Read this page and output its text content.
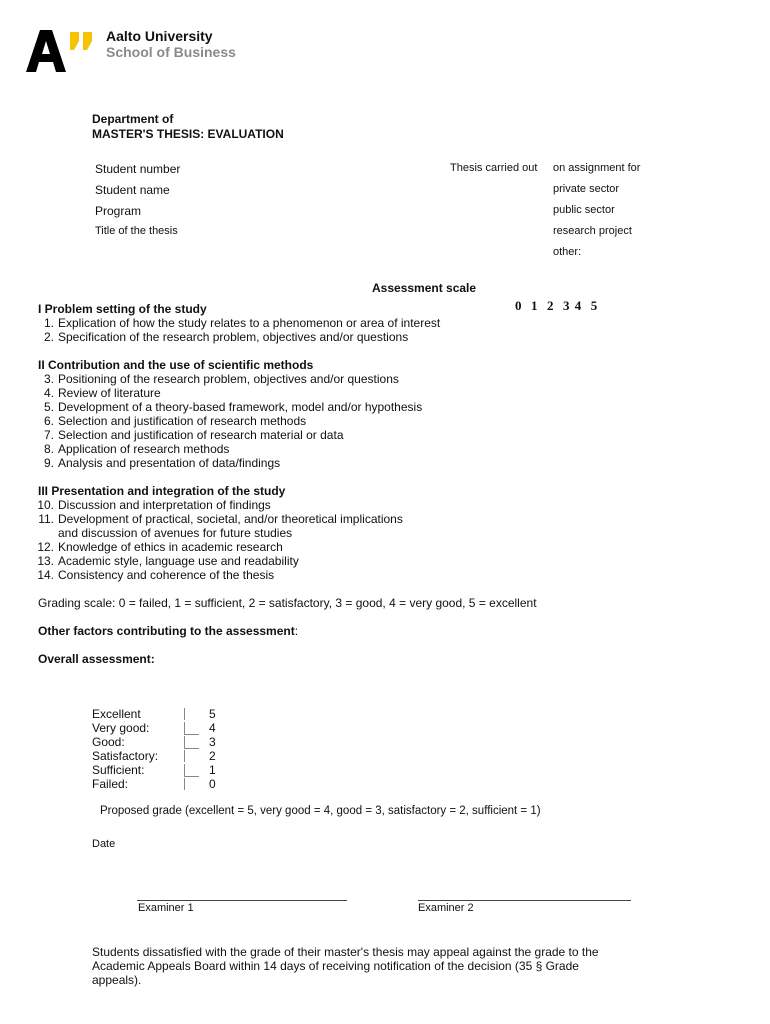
Aalto University
School of Business
Department of
MASTER'S THESIS: EVALUATION
Student number
Student name
Program
Title of the thesis
Thesis carried out on assignment for
private sector
public sector
research project
other:
Assessment scale
0  1  2  3 4  5
I Problem setting of the study
1. Explication of how the study relates to a phenomenon or area of interest
2. Specification of the research problem, objectives and/or questions
II Contribution and the use of scientific methods
3. Positioning of the research problem, objectives and/or questions
4. Review of literature
5. Development of a theory-based framework, model and/or hypothesis
6. Selection and justification of research methods
7. Selection and justification of research material or data
8. Application of research methods
9. Analysis and presentation of data/findings
III Presentation and integration of the study
10. Discussion and interpretation of findings
11. Development of practical, societal, and/or theoretical implications
and discussion of avenues for future studies
12. Knowledge of ethics in academic research
13. Academic style, language use and readability
14. Consistency and coherence of the thesis
Grading scale: 0 = failed, 1 = sufficient, 2 = satisfactory, 3 = good, 4 = very good, 5 = excellent
Other factors contributing to the assessment:
Overall assessment:
Excellent	5
Very good:	4
Good:	3
Satisfactory:	2
Sufficient:	1
Failed:	0
Proposed grade (excellent = 5, very good = 4, good = 3, satisfactory = 2, sufficient = 1)
Date
Examiner 1	Examiner 2
Students dissatisfied with the grade of their master's thesis may appeal against the grade to the
Academic Appeals Board within 14 days of receiving notification of the decision (35 § Grade
appeals).
